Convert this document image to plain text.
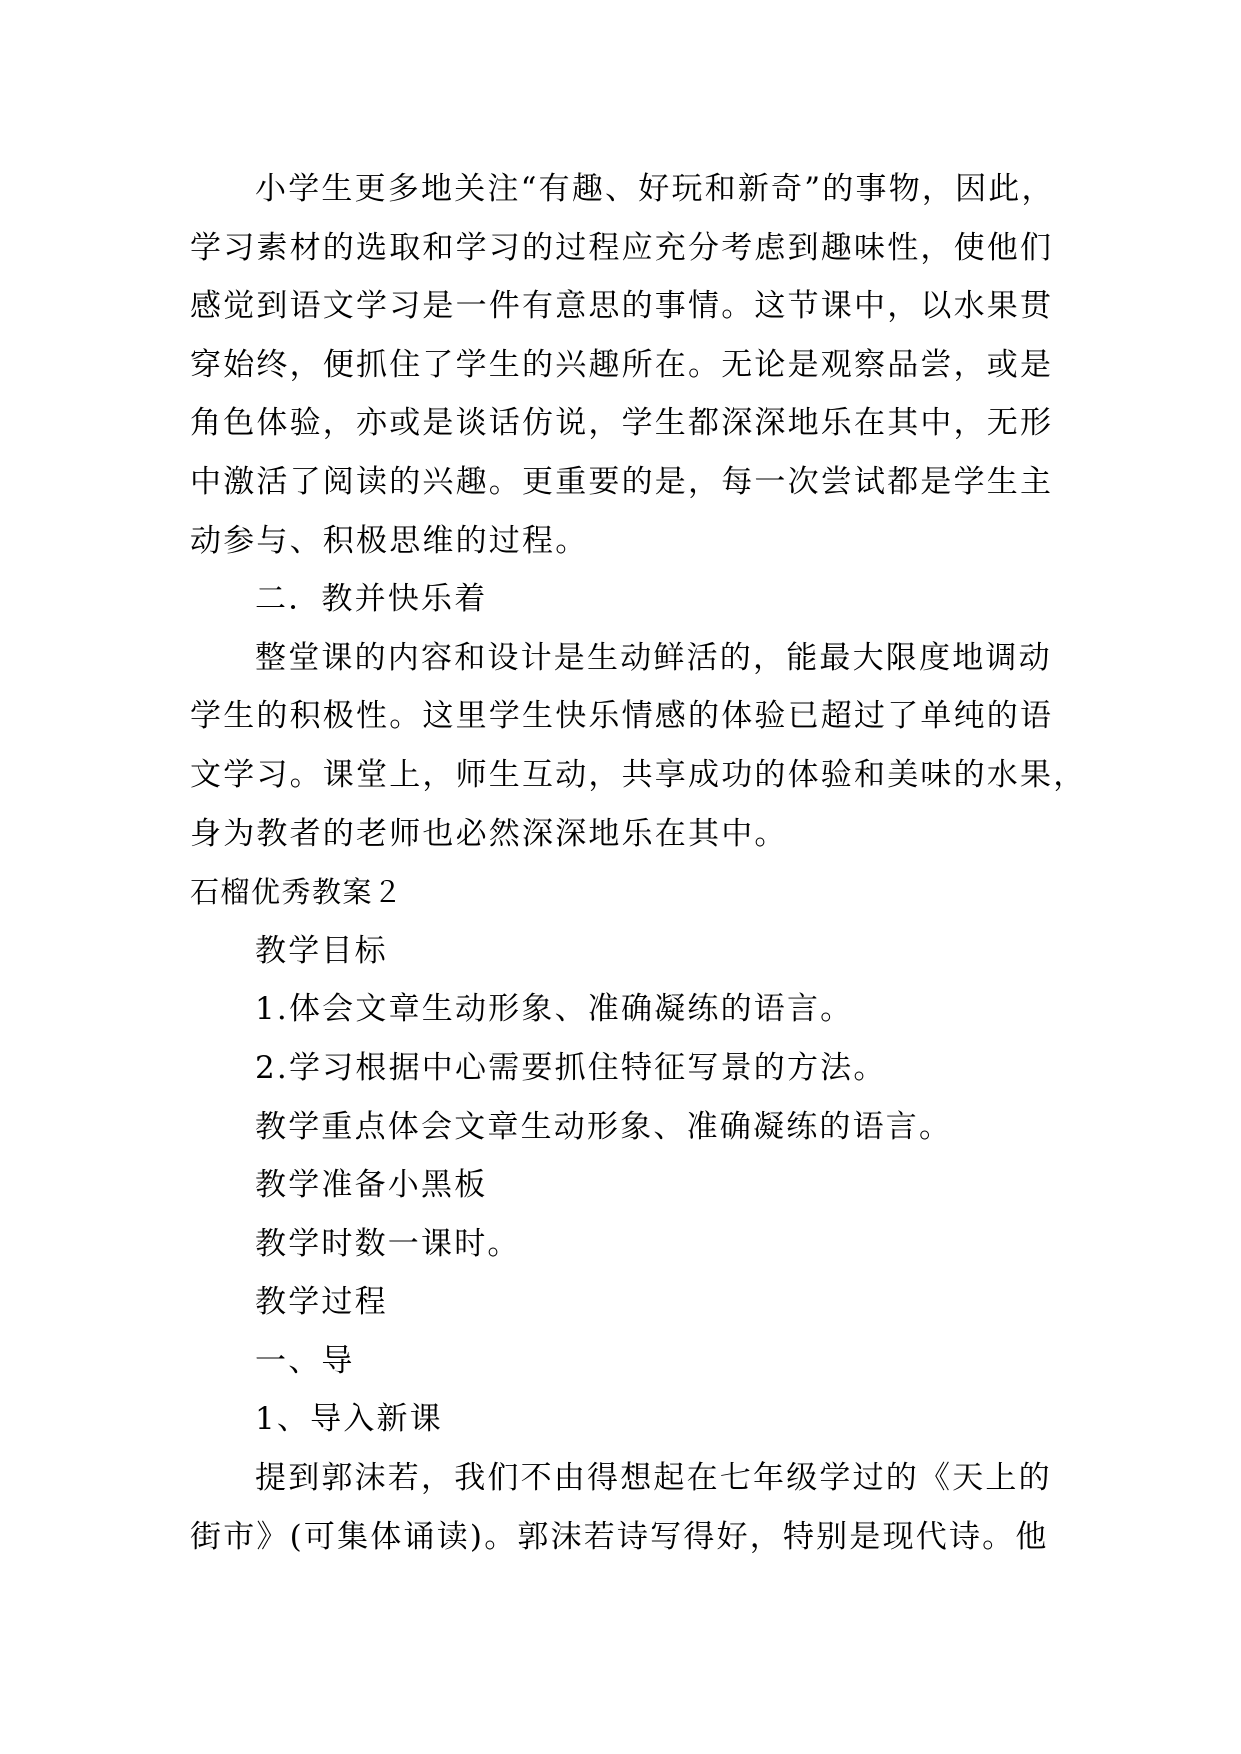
小学生更多地关注“有趣、好玩和新奇”的事物，因此，
学习素材的选取和学习的过程应充分考虑到趣味性，使他们
感觉到语文学习是一件有意思的事情。这节课中，以水果贯
穿始终，便抓住了学生的兴趣所在。无论是观察品尝，或是
角色体验，亦或是谈话仿说，学生都深深地乐在其中，无形
中激活了阅读的兴趣。更重要的是，每一次尝试都是学生主
动参与、积极思维的过程。
二．教并快乐着
整堂课的内容和设计是生动鲜活的，能最大限度地调动
学生的积极性。这里学生快乐情感的体验已超过了单纯的语
文学习。课堂上，师生互动，共享成功的体验和美味的水果，
身为教者的老师也必然深深地乐在其中。
石榴优秀教案２
教学目标
1.体会文章生动形象、准确凝练的语言。
2.学习根据中心需要抓住特征写景的方法。
教学重点体会文章生动形象、准确凝练的语言。
教学准备小黑板
教学时数一课时。
教学过程
一、导
1、导入新课
提到郭沫若，我们不由得想起在七年级学过的《天上的
街市》(可集体诵读)。郭沫若诗写得好，特别是现代诗。他
